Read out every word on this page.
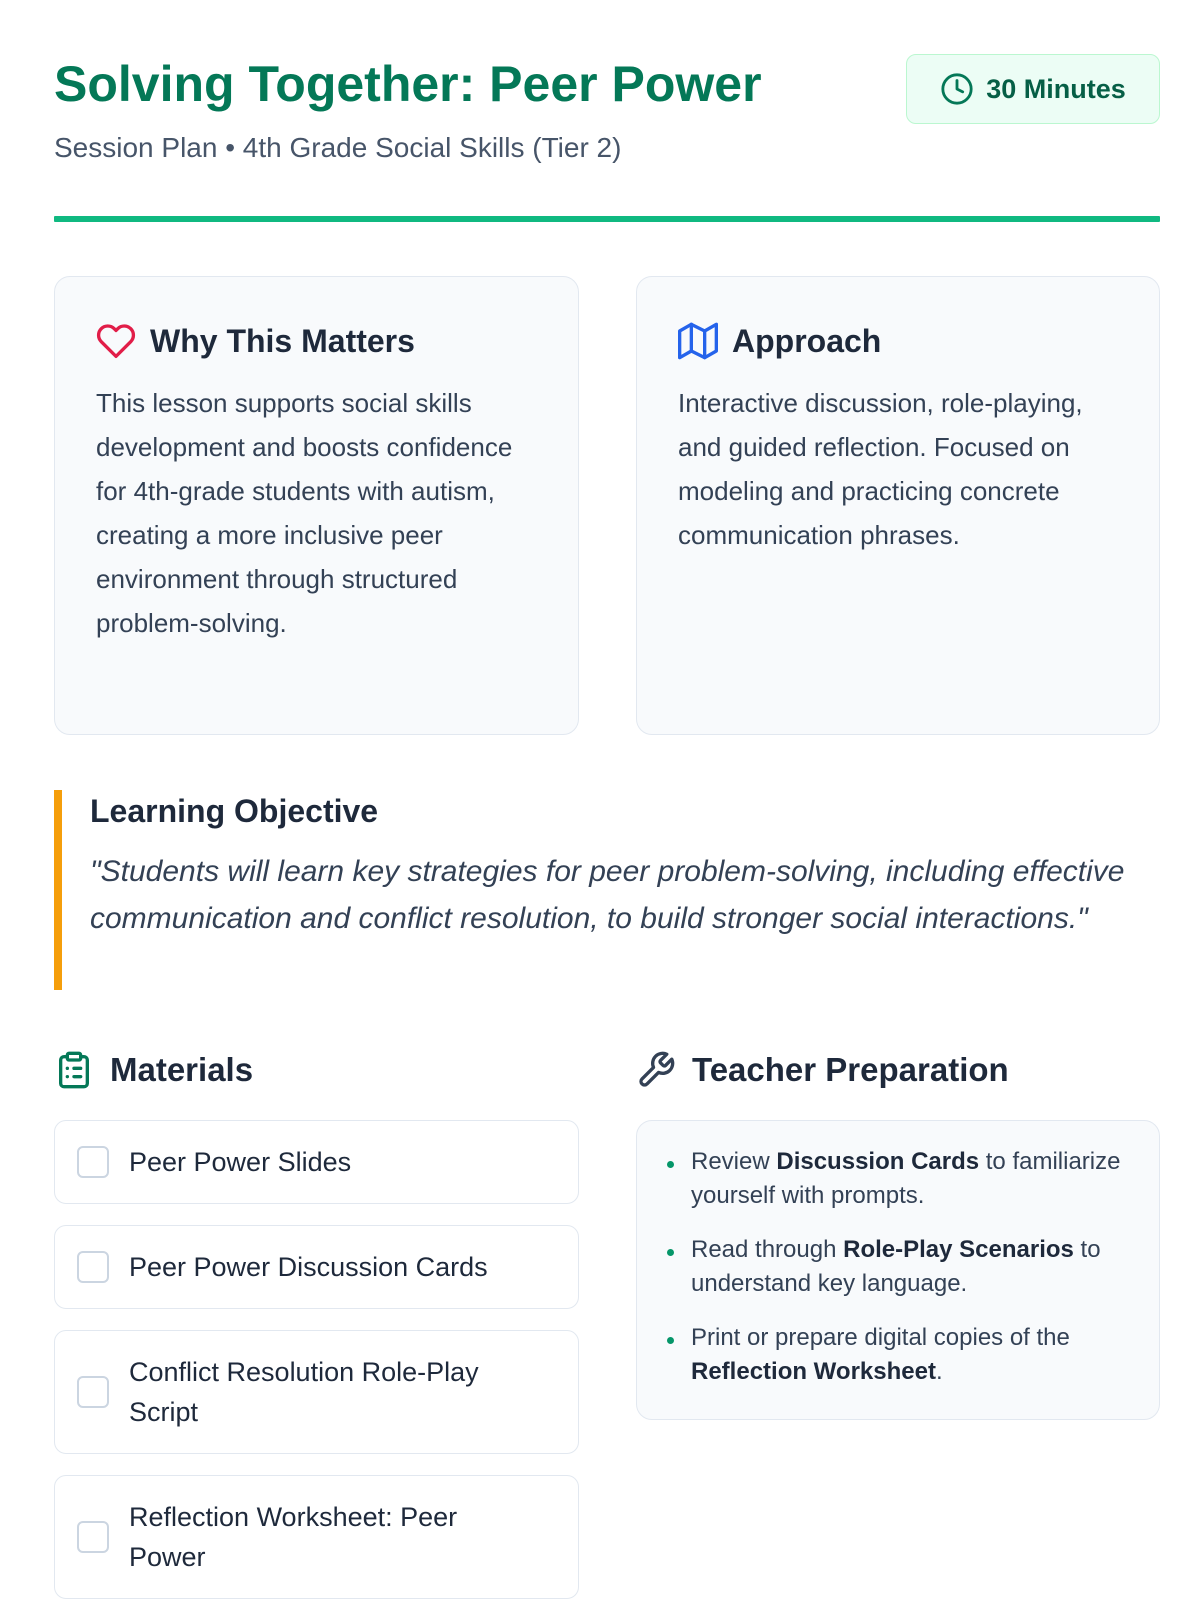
Solving Together: Peer Power
Session Plan • 4th Grade Social Skills (Tier 2)
30 Minutes
Why This Matters

This lesson supports social skills development and boosts confidence for 4th-grade students with autism, creating a more inclusive peer environment through structured problem-solving.

Approach

Interactive discussion, role-playing, and guided reflection. Focused on modeling and practicing concrete communication phrases.

Learning Objective

"Students will learn key strategies for peer problem-solving, including effective communication and conflict resolution, to build stronger social interactions."

Materials
Peer Power Slides
Peer Power Discussion Cards
Conflict Resolution Role-Play Script
Reflection Worksheet: Peer Power
Teacher Preparation
Review Discussion Cards to familiarize yourself with prompts.
Read through Role-Play Scenarios to understand key language.
Print or prepare digital copies of the Reflection Worksheet.
